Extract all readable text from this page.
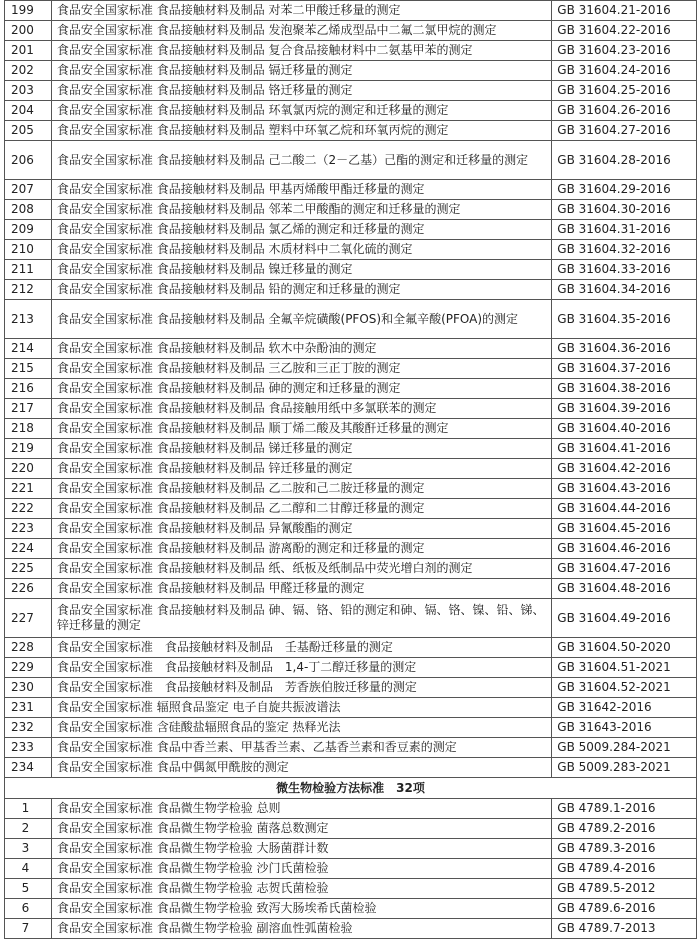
199	食品安全国家标准 食品接触材料及制品 对苯二甲酸迁移量的测定	GB 31604.21-2016
200	食品安全国家标准 食品接触材料及制品 发泡聚苯乙烯成型品中二氟二氯甲烷的测定	GB 31604.22-2016
201	食品安全国家标准 食品接触材料及制品 复合食品接触材料中二氨基甲苯的测定	GB 31604.23-2016
202	食品安全国家标准 食品接触材料及制品 镉迁移量的测定	GB 31604.24-2016
203	食品安全国家标准 食品接触材料及制品 铬迁移量的测定	GB 31604.25-2016
204	食品安全国家标准 食品接触材料及制品 环氧氯丙烷的测定和迁移量的测定	GB 31604.26-2016
205	食品安全国家标准 食品接触材料及制品 塑料中环氧乙烷和环氧丙烷的测定	GB 31604.27-2016
206	食品安全国家标准 食品接触材料及制品 己二酸二（2－乙基）己酯的测定和迁移量的测定	GB 31604.28-2016
207	食品安全国家标准 食品接触材料及制品 甲基丙烯酸甲酯迁移量的测定	GB 31604.29-2016
208	食品安全国家标准 食品接触材料及制品 邻苯二甲酸酯的测定和迁移量的测定	GB 31604.30-2016
209	食品安全国家标准 食品接触材料及制品 氯乙烯的测定和迁移量的测定	GB 31604.31-2016
210	食品安全国家标准 食品接触材料及制品 木质材料中二氧化硫的测定	GB 31604.32-2016
211	食品安全国家标准 食品接触材料及制品 镍迁移量的测定	GB 31604.33-2016
212	食品安全国家标准 食品接触材料及制品 铅的测定和迁移量的测定	GB 31604.34-2016
213	食品安全国家标准 食品接触材料及制品 全氟辛烷磺酸(PFOS)和全氟辛酸(PFOA)的测定	GB 31604.35-2016
214	食品安全国家标准 食品接触材料及制品 软木中杂酚油的测定	GB 31604.36-2016
215	食品安全国家标准 食品接触材料及制品 三乙胺和三正丁胺的测定	GB 31604.37-2016
216	食品安全国家标准 食品接触材料及制品 砷的测定和迁移量的测定	GB 31604.38-2016
217	食品安全国家标准 食品接触材料及制品 食品接触用纸中多氯联苯的测定	GB 31604.39-2016
218	食品安全国家标准 食品接触材料及制品 顺丁烯二酸及其酸酐迁移量的测定	GB 31604.40-2016
219	食品安全国家标准 食品接触材料及制品 锑迁移量的测定	GB 31604.41-2016
220	食品安全国家标准 食品接触材料及制品 锌迁移量的测定	GB 31604.42-2016
221	食品安全国家标准 食品接触材料及制品 乙二胺和己二胺迁移量的测定	GB 31604.43-2016
222	食品安全国家标准 食品接触材料及制品 乙二醇和二甘醇迁移量的测定	GB 31604.44-2016
223	食品安全国家标准 食品接触材料及制品 异氰酸酯的测定	GB 31604.45-2016
224	食品安全国家标准 食品接触材料及制品 游离酚的测定和迁移量的测定	GB 31604.46-2016
225	食品安全国家标准 食品接触材料及制品 纸、纸板及纸制品中荧光增白剂的测定	GB 31604.47-2016
226	食品安全国家标准 食品接触材料及制品 甲醛迁移量的测定	GB 31604.48-2016
227	食品安全国家标准 食品接触材料及制品 砷、镉、铬、铅的测定和砷、镉、铬、镍、铅、锑、锌迁移量的测定	GB 31604.49-2016
228	食品安全国家标准　食品接触材料及制品　壬基酚迁移量的测定	GB 31604.50-2020
229	食品安全国家标准　食品接触材料及制品　1,4-丁二醇迁移量的测定	GB 31604.51-2021
230	食品安全国家标准　食品接触材料及制品　芳香族伯胺迁移量的测定	GB 31604.52-2021
231	食品安全国家标准 辐照食品鉴定 电子自旋共振波谱法	GB 31642-2016
232	食品安全国家标准 含硅酸盐辐照食品的鉴定 热释光法	GB 31643-2016
233	食品安全国家标准 食品中香兰素、甲基香兰素、乙基香兰素和香豆素的测定	GB 5009.284-2021
234	食品安全国家标准 食品中偶氮甲酰胺的测定	GB 5009.283-2021
微生物检验方法标准　32项		
1	食品安全国家标准 食品微生物学检验 总则	GB 4789.1-2016
2	食品安全国家标准 食品微生物学检验 菌落总数测定	GB 4789.2-2016
3	食品安全国家标准 食品微生物学检验 大肠菌群计数	GB 4789.3-2016
4	食品安全国家标准 食品微生物学检验 沙门氏菌检验	GB 4789.4-2016
5	食品安全国家标准 食品微生物学检验 志贺氏菌检验	GB 4789.5-2012
6	食品安全国家标准 食品微生物学检验 致泻大肠埃希氏菌检验	GB 4789.6-2016
7	食品安全国家标准 食品微生物学检验 副溶血性弧菌检验	GB 4789.7-2013
